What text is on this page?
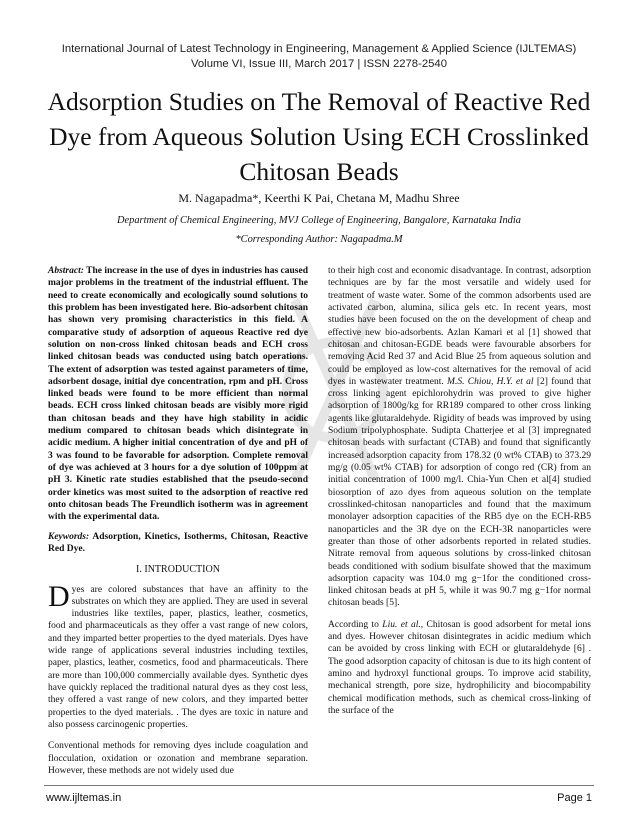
International Journal of Latest Technology in Engineering, Management & Applied Science (IJLTEMAS)
Volume VI, Issue III, March 2017 | ISSN 2278-2540
Adsorption Studies on The Removal of Reactive Red Dye from Aqueous Solution Using ECH Crosslinked Chitosan Beads
M. Nagapadma*, Keerthi K Pai, Chetana M, Madhu Shree
Department of Chemical Engineering, MVJ College of Engineering, Bangalore, Karnataka India
*Corresponding Author: Nagapadma.M

Abstract: The increase in the use of dyes in industries has caused major problems in the treatment of the industrial effluent. The need to create economically and ecologically sound solutions to this problem has been investigated here. Bio-adsorbent chitosan has shown very promising characteristics in this field. A comparative study of adsorption of aqueous Reactive red dye solution on non-cross linked chitosan beads and ECH cross linked chitosan beads was conducted using batch operations. The extent of adsorption was tested against parameters of time, adsorbent dosage, initial dye concentration, rpm and pH. Cross linked beads were found to be more efficient than normal beads. ECH cross linked chitosan beads are visibly more rigid than chitosan beads and they have high stability in acidic medium compared to chitosan beads which disintegrate in acidic medium. A higher initial concentration of dye and pH of 3 was found to be favorable for adsorption. Complete removal of dye was achieved at 3 hours for a dye solution of 100ppm at pH 3. Kinetic rate studies established that the pseudo-second order kinetics was most suited to the adsorption of reactive red onto chitosan beads The Freundlich isotherm was in agreement with the experimental data.

Keywords: Adsorption, Kinetics, Isotherms, Chitosan, Reactive Red Dye.

I. INTRODUCTION

Dyes are colored substances that have an affinity to the substrates on which they are applied. They are used in several industries like textiles, paper, plastics, leather, cosmetics, food and pharmaceuticals as they offer a vast range of new colors, and they imparted better properties to the dyed materials. Dyes have wide range of applications several industries including textiles, paper, plastics, leather, cosmetics, food and pharmaceuticals. There are more than 100,000 commercially available dyes. Synthetic dyes have quickly replaced the traditional natural dyes as they cost less, they offered a vast range of new colors, and they imparted better properties to the dyed materials. . The dyes are toxic in nature and also possess carcinogenic properties.

Conventional methods for removing dyes include coagulation and flocculation, oxidation or ozonation and membrane separation. However, these methods are not widely used due

to their high cost and economic disadvantage. In contrast, adsorption techniques are by far the most versatile and widely used for treatment of waste water. Some of the common adsorbents used are activated carbon, alumina, silica gels etc. In recent years, most studies have been focused on the on the development of cheap and effective new bio-adsorbents. Azlan Kamari et al [1] showed that chitosan and chitosan-EGDE beads were favourable absorbers for removing Acid Red 37 and Acid Blue 25 from aqueous solution and could be employed as low-cost alternatives for the removal of acid dyes in wastewater treatment. M.S. Chiou, H.Y. et al [2] found that cross linking agent epichlorohydrin was proved to give higher adsorption of 1800g/kg for RR189 compared to other cross linking agents like glutaraldehyde. Rigidity of beads was improved by using Sodium tripolyphosphate. Sudipta Chatterjee et al [3] impregnated chitosan beads with surfactant (CTAB) and found that significantly increased adsorption capacity from 178.32 (0 wt% CTAB) to 373.29 mg/g (0.05 wt% CTAB) for adsorption of congo red (CR) from an initial concentration of 1000 mg/l. Chia-Yun Chen et al[4] studied biosorption of azo dyes from aqueous solution on the template crosslinked-chitosan nanoparticles and found that the maximum monolayer adsorption capacities of the RB5 dye on the ECH-RB5 nanoparticles and the 3R dye on the ECH-3R nanoparticles were greater than those of other adsorbents reported in related studies. Nitrate removal from aqueous solutions by cross-linked chitosan beads conditioned with sodium bisulfate showed that the maximum adsorption capacity was 104.0 mg g−1for the conditioned cross-linked chitosan beads at pH 5, while it was 90.7 mg g−1for normal chitosan beads [5].

According to Liu. et al., Chitosan is good adsorbent for metal ions and dyes. However chitosan disintegrates in acidic medium which can be avoided by cross linking with ECH or glutaraldehyde [6] . The good adsorption capacity of chitosan is due to its high content of amino and hydroxyl functional groups. To improve acid stability, mechanical strength, pore size, hydrophilicity and biocompability chemical modification methods, such as chemical cross-linking of the surface of the

www.ijltemas.in	Page 1
